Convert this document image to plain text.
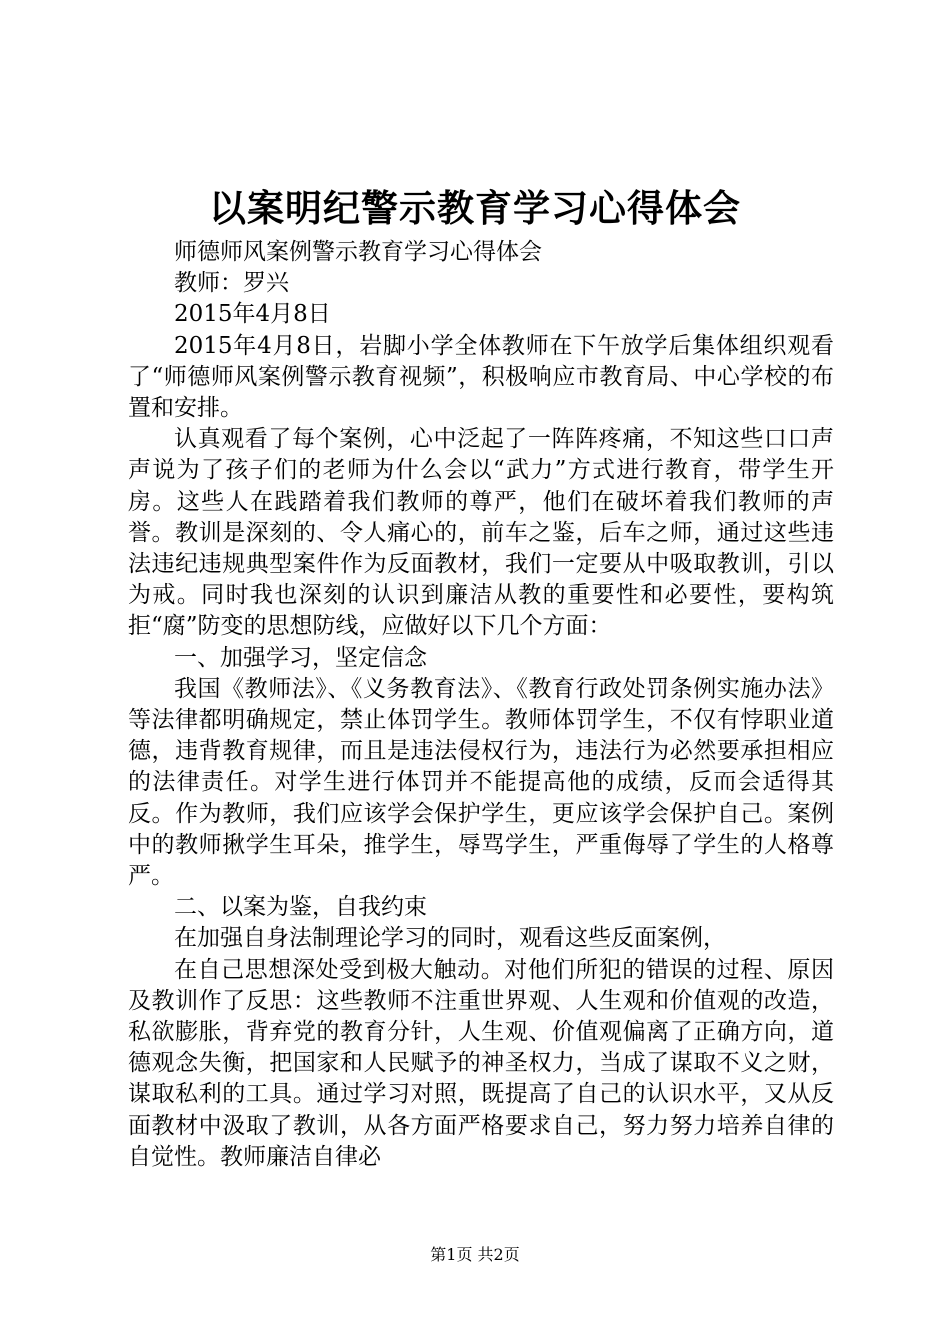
以案明纪警示教育学习心得体会

师德师风案例警示教育学习心得体会

教师：罗兴

2015年4月8日

2015年4月8日，岩脚小学全体教师在下午放学后集体组织观看了“师德师风案例警示教育视频”，积极响应市教育局、中心学校的布置和安排。

认真观看了每个案例，心中泛起了一阵阵疼痛，不知这些口口声声说为了孩子们的老师为什么会以“武力”方式进行教育，带学生开房。这些人在践踏着我们教师的尊严，他们在破坏着我们教师的声誉。教训是深刻的、令人痛心的，前车之鉴，后车之师，通过这些违法违纪违规典型案件作为反面教材，我们一定要从中吸取教训，引以为戒。同时我也深刻的认识到廉洁从教的重要性和必要性，要构筑拒“腐”防变的思想防线，应做好以下几个方面：

一、加强学习，坚定信念

我国《教师法》、《义务教育法》、《教育行政处罚条例实施办法》等法律都明确规定，禁止体罚学生。教师体罚学生，不仅有悖职业道德，违背教育规律，而且是违法侵权行为，违法行为必然要承担相应的法律责任。对学生进行体罚并不能提高他的成绩，反而会适得其反。作为教师，我们应该学会保护学生，更应该学会保护自己。案例中的教师揪学生耳朵，推学生，辱骂学生，严重侮辱了学生的人格尊严。

二、以案为鉴，自我约束

在加强自身法制理论学习的同时，观看这些反面案例，

在自己思想深处受到极大触动。对他们所犯的错误的过程、原因及教训作了反思：这些教师不注重世界观、人生观和价值观的改造，私欲膨胀，背弃党的教育分针，人生观、价值观偏离了正确方向，道德观念失衡，把国家和人民赋予的神圣权力，当成了谋取不义之财，谋取私利的工具。通过学习对照，既提高了自己的认识水平，又从反面教材中汲取了教训，从各方面严格要求自己，努力努力培养自律的自觉性。教师廉洁自律必

第1页 共2页
